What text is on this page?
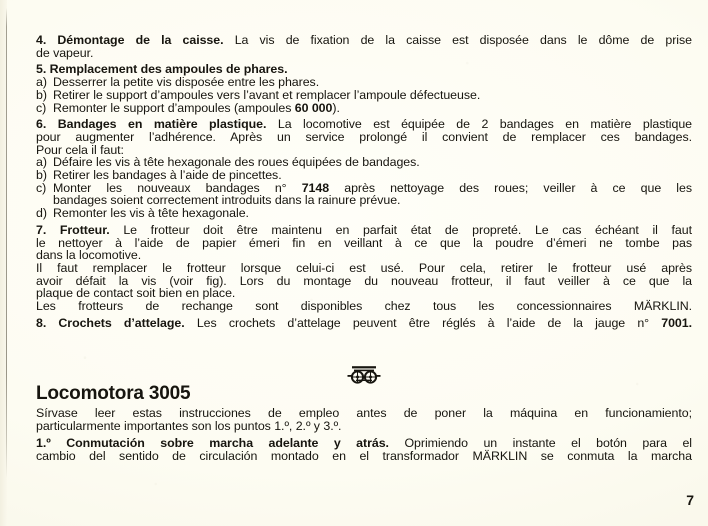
4. Démontage de la caisse. La vis de fixation de la caisse est disposée dans le dôme de prise
de vapeur.
5. Remplacement des ampoules de phares.
a) Desserrer la petite vis disposée entre les phares.
b) Retirer le support d’ampoules vers l’avant et remplacer l’ampoule défectueuse.
c) Remonter le support d’ampoules (ampoules 60 000).
6. Bandages en matière plastique. La locomotive est équipée de 2 bandages en matière plastique
pour augmenter l’adhérence. Après un service prolongé il convient de remplacer ces bandages.
Pour cela il faut:
a) Défaire les vis à tête hexagonale des roues équipées de bandages.
b) Retirer les bandages à l’aide de pincettes.
c) Monter les nouveaux bandages n° 7148 après nettoyage des roues; veiller à ce que les
bandages soient correctement introduits dans la rainure prévue.
d) Remonter les vis à tête hexagonale.
7. Frotteur. Le frotteur doit être maintenu en parfait état de propreté. Le cas échéant il faut
le nettoyer à l’aide de papier émeri fin en veillant à ce que la poudre d’émeri ne tombe pas
dans la locomotive.
Il faut remplacer le frotteur lorsque celui-ci est usé. Pour cela, retirer le frotteur usé après
avoir défait la vis (voir fig). Lors du montage du nouveau frotteur, il faut veiller à ce que la
plaque de contact soit bien en place.
Les frotteurs de rechange sont disponibles chez tous les concessionnaires MÄRKLIN.
8. Crochets d’attelage. Les crochets d’attelage peuvent être réglés à l’aide de la jauge n° 7001.
Locomotora 3005
Sírvase leer estas instrucciones de empleo antes de poner la máquina en funcionamiento;
particularmente importantes son los puntos 1.º, 2.º y 3.º.
1.º Conmutación sobre marcha adelante y atrás. Oprimiendo un instante el botón para el
cambio del sentido de circulación montado en el transformador MÄRKLIN se conmuta la marcha
7
